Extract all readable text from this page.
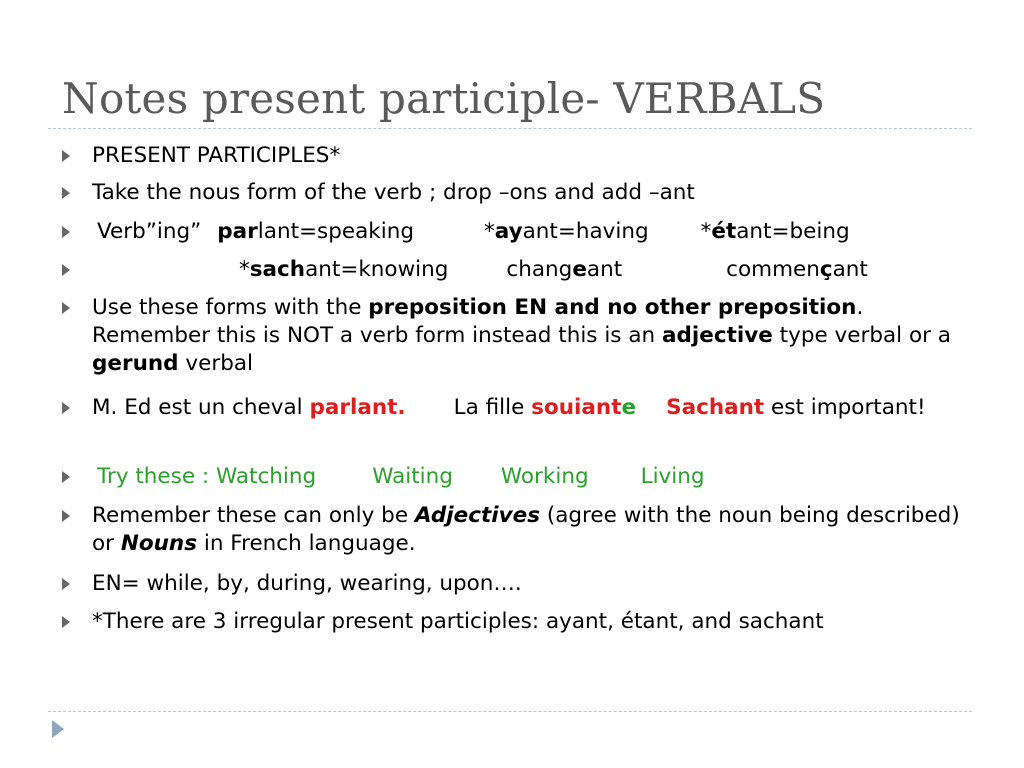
Notes present participle- VERBALS
PRESENT PARTICIPLES*
Take the nous form of the verb ; drop –ons and add –ant
Verb”ing” parlant=speaking	*ayant=having *étant=being
*sachant=knowing	changeant	commençant
Use these forms with the preposition EN and no other preposition. Remember this is NOT a verb form instead this is an adjective type verbal or a gerund verbal
M. Ed est un cheval parlant. La fille souiante Sachant est important!
Try these : Watching	Waiting Working Living
Remember these can only be Adjectives (agree with the noun being described) or Nouns in French language.
EN= while, by, during, wearing, upon….
*There are 3 irregular present participles: ayant, étant, and sachant
